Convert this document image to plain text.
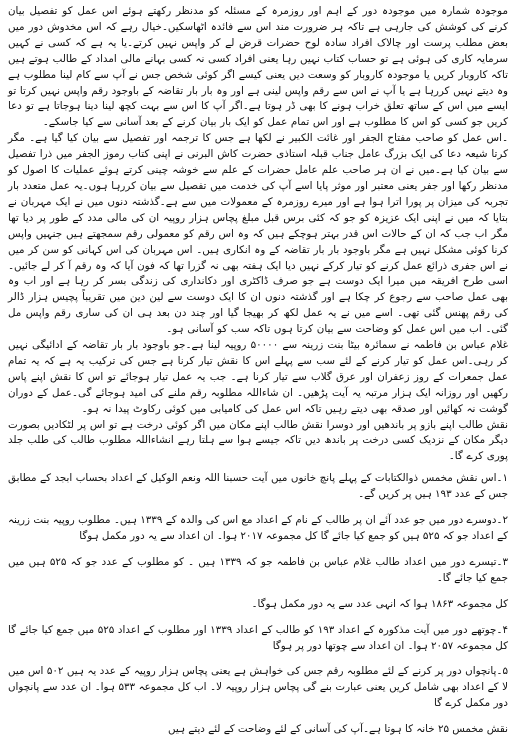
موجودہ شمارہ میں موجودہ دور کے اہم اور روزمرہ کے مسئلہ کو مدنظر رکھتے ہوئے اس عمل کو تفصیل بیان کرنے کی کوشش کی جارہی ہے تاکہ ہر ضرورت مند اس سے فائدہ اٹھاسکیں۔خیال رہے کہ اس مخدوش دور میں بعض مطلب پرست اور چالاک افراد سادہ لوح حضرات قرض لے کر واپس نہیں کرتے۔یا یہ ہے کہ کسی نے کہیں سرمایہ کاری کی ہوئی ہے تو حساب کتاب نہیں رہا یعنی افراد کسی نہ کسی بہانے مالی امداد کے طالب ہوتے ہیں تاکہ کاروبار کریں یا موجودہ کاروبار کو وسعت دیں یعنی کیسے اگر کوئی شخص جس نے آپ سے کام لینا مطلوب ہے وہ دیتے نہیں کررہا ہے یا آپ نے اس سے رقم واپس لینی ہے اور وہ بار بار تقاضہ کے باوجود رقم واپس نہیں کرتا تو ایسے میں اس کے ساتھ تعلق خراب ہونے کا بھی ڈر ہوتا ہے۔اگر آپ کا اس سے بہت کچھ لینا دینا ہوجاتا ہے تو دعا کریں جو کسی کو اس کا مطلوب ہے اور اس تمام عمل کو ایک بار بیان کرنے کے بعد آسانی سے کیا جاسکے۔

۔اس عمل کو صاحب مفتاح الجفر اور غائت الکبیر نے لکھا ہے جس کا ترجمہ اور تفصیل سے بیان کیا گیا ہے۔ مگر کرتا شیعہ دعا کی ایک بزرگ عامل جناب قبلہ استاذی حضرت کاش البرنی نے اپنی کتاب رموز الجفر میں ذرا تفصیل سے بیان کیا ہے۔میں نے ان ہر صاحب علم عامل حضرات کے علم سے خوشہ چینی کرتے ہوئے عملیات کا اصول کو مدنظر رکھا اور جفر یعنی معتبر اور موثر پایا اسے آپ کی خدمت میں تفصیل سے بیان کررہا ہوں۔یہ عمل متعدد بار تجربہ کی میزان پر پورا اترا ہوا ہے اور میرے روزمرہ کے معمولات میں سے ہے۔گذشتہ دنوں میں نے ایک مہربان نے بتایا کہ میں نے اپنی ایک عزیزہ کو جو کہ کئی برس قبل مبلغ پچاس ہزار روپیہ ان کی مالی مدد کے طور پر دیا تھا مگر اب جب کہ ان کے حالات اس قدر بہتر ہوچکے ہیں کہ وہ اس رقم کو معمولی رقم سمجھتے ہیں جنہیں واپس کرنا کوئی مشکل نہیں ہے مگر باوجود بار بار تقاضہ کے وہ انکاری ہیں۔ اس مہربان کی اس کہانی کو سن کر میں نے اس جفری ذرائع عمل کرنے کو تیار کرکے نہیں دیا ایک ہفتہ بھی نہ گزرا تھا کہ فون آیا کہ وہ رقم آ کر لے جائیں۔اسی طرح افریقہ میں میرا ایک دوست ہے جو صرف ڈاکٹری اور دکانداری کی زندگی بسر کر رہا ہے اور اب وہ بھی عمل صاحب سے رجوع کر چکا ہے اور گذشتہ دنوں ان کا ایک دوست سے لین دین میں تقریباً پچیس ہزار ڈالر کی رقم پھنس گئی تھی۔ اسے میں نے یہ عمل لکھ کر بھیجا گیا اور چند دن بعد ہی ان کی ساری رقم واپس مل گئی۔ اب میں اس عمل کو وضاحت سے بیان کرتا ہوں تاکہ سب کو آسانی ہو۔

غلام عباس بن فاطمہ نے سمائرہ بیٹا بنت زرینہ سے ۵۰۰۰۰ روپیہ لینا ہے۔جو باوجود بار بار تقاضہ کے ادائیگی نہیں کر رہی۔اس عمل کو تیار کرنے کے لئے سب سے پہلے اس کا نقش تیار کرنا ہے جس کی ترکیب یہ ہے کہ یہ تمام عمل جمعرات کے روز زعفران اور عرق گلاب سے تیار کرنا ہے۔ جب یہ عمل تیار ہوجائے تو اس کا نقش اپنے پاس رکھیں اور روزانہ ایک ہزار مرتبہ یہ آیت پڑھیں۔ ان شاءاللہ مطلوبہ رقم ملنے کی امید ہوجائے گی۔عمل کے دوران گوشت نہ کھائیں اور صدقہ بھی دیتے رہیں تاکہ اس عمل کی کامیابی میں کوئی رکاوٹ پیدا نہ ہو۔

نقش طالب اپنے بازو پر باندھیں اور دوسرا نقش طالب اپنے مکان میں اگر کوئی درخت ہے تو اس پر لٹکادیں بصورت دیگر مکان کے نزدیک کسی درخت پر باندھ دیں تاکہ جیسے ہوا سے ہلتا رہے انشاءاللہ مطلوب طالب کی طلب جلد پوری کرے گا۔

۱۔اس نقش مخمس ذوالکتابات کے پہلے پانچ خانوں میں آیت حسبنا اللہ ونعم الوکیل کے اعداد بحساب ابجد کے مطابق جس کے عدد ۱۹۳ ہیں پر کریں گے۔

۲۔دوسرے دور میں جو عدد آئے ان پر طالب کے نام کے اعداد مع اس کی والدہ کے ۱۳۳۹ ہیں۔ مطلوب روپیہ بنت زرینہ کے اعداد جو کہ ۵۲۵ ہیں کو جمع کیا جائے گا کل مجموعہ ۲۰۱۷ ہوا۔ ان اعداد سے یہ دور مکمل ہوگا

۳۔تیسرے دور میں اعداد طالب غلام عباس بن فاطمہ جو کہ ۱۳۳۹ ہیں ۔ کو مطلوب کے عدد جو کہ ۵۲۵ ہیں میں جمع کیا جائے گا۔

کل مجموعہ ۱۸۶۳ ہوا کہ انہی عدد سے یہ دور مکمل ہوگا۔

۴۔چوتھے دور میں آیت مذکورہ کے اعداد ۱۹۳ کو طالب کے اعداد ۱۳۳۹ اور مطلوب کے اعداد ۵۲۵ میں جمع کیا جائے گا کل مجموعہ ۲۰۵۷ ہوا۔ ان اعداد سے چوتھا دور پر ہوگا

۵۔پانچواں دور پر کرنے کے لئے مطلوبہ رقم جس کی خواہش ہے یعنی پچاس ہزار روپیہ کے عدد یہ ہیں ۵۰۲ اس میں لا کے اعداد بھی شامل کریں یعنی عبارت بنے گی پچاس ہزار روپیہ لا۔ اب کل مجموعہ ۵۳۳ ہوا۔ ان عدد سے پانچواں دور مکمل کرے گا

نقش مخمس ۲۵ خانہ کا ہوتا ہے۔آپ کی آسانی کے لئے وضاحت کے لئے دیتے ہیں
